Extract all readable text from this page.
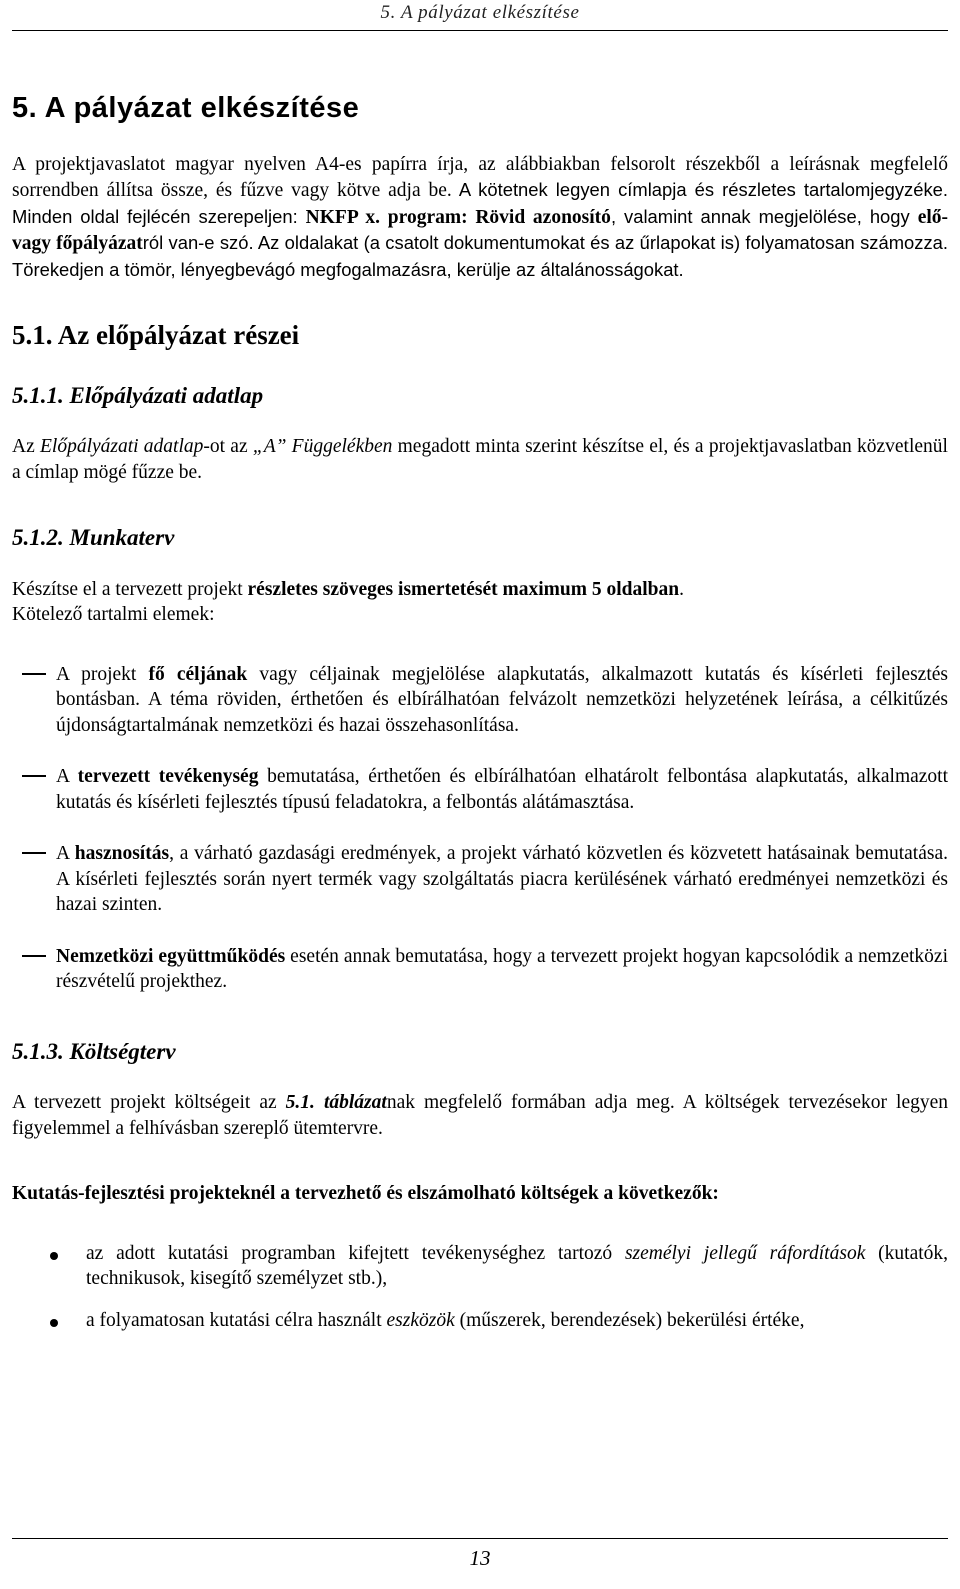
5. A pályázat elkészítése
5. A pályázat elkészítése

A projektjavaslatot magyar nyelven A4-es papírra írja, az alábbiakban felsorolt részekből a leírásnak megfelelő sorrendben állítsa össze, és fűzve vagy kötve adja be. A kötetnek legyen címlapja és részletes tartalomjegyzéke. Minden oldal fejlécén szerepeljen: NKFP x. program: Rövid azonosító, valamint annak megjelölése, hogy elő- vagy főpályázatról van-e szó. Az oldalakat (a csatolt dokumentumokat és az űrlapokat is) folyamatosan számozza. Törekedjen a tömör, lényegbevágó megfogalmazásra, kerülje az általánosságokat.

5.1. Az előpályázat részei
5.1.1. Előpályázati adatlap

Az Előpályázati adatlap-ot az „A” Függelékben megadott minta szerint készítse el, és a projektjavaslatban közvetlenül a címlap mögé fűzze be.

5.1.2. Munkaterv

Készítse el a tervezett projekt részletes szöveges ismertetését maximum 5 oldalban.

Kötelező tartalmi elemek:

A projekt fő céljának vagy céljainak megjelölése alapkutatás, alkalmazott kutatás és kísérleti fejlesztés bontásban. A téma röviden, érthetően és elbírálhatóan felvázolt nemzetközi helyzetének leírása, a célkitűzés újdonságtartalmának nemzetközi és hazai összehasonlítása.
A tervezett tevékenység bemutatása, érthetően és elbírálhatóan elhatárolt felbontása alapkutatás, alkalmazott kutatás és kísérleti fejlesztés típusú feladatokra, a felbontás alátámasztása.
A hasznosítás, a várható gazdasági eredmények, a projekt várható közvetlen és közvetett hatásainak bemutatása. A kísérleti fejlesztés során nyert termék vagy szolgáltatás piacra kerülésének várható eredményei nemzetközi és hazai szinten.
Nemzetközi együttműködés esetén annak bemutatása, hogy a tervezett projekt hogyan kapcsolódik a nemzetközi részvételű projekthez.
5.1.3. Költségterv

A tervezett projekt költségeit az 5.1. táblázatnak megfelelő formában adja meg. A költségek tervezésekor legyen figyelemmel a felhívásban szereplő ütemtervre.

Kutatás-fejlesztési projekteknél a tervezhető és elszámolható költségek a következők:

az adott kutatási programban kifejtett tevékenységhez tartozó személyi jellegű ráfordítások (kutatók, technikusok, kisegítő személyzet stb.),
a folyamatosan kutatási célra használt eszközök (műszerek, berendezések) bekerülési értéke,
13
